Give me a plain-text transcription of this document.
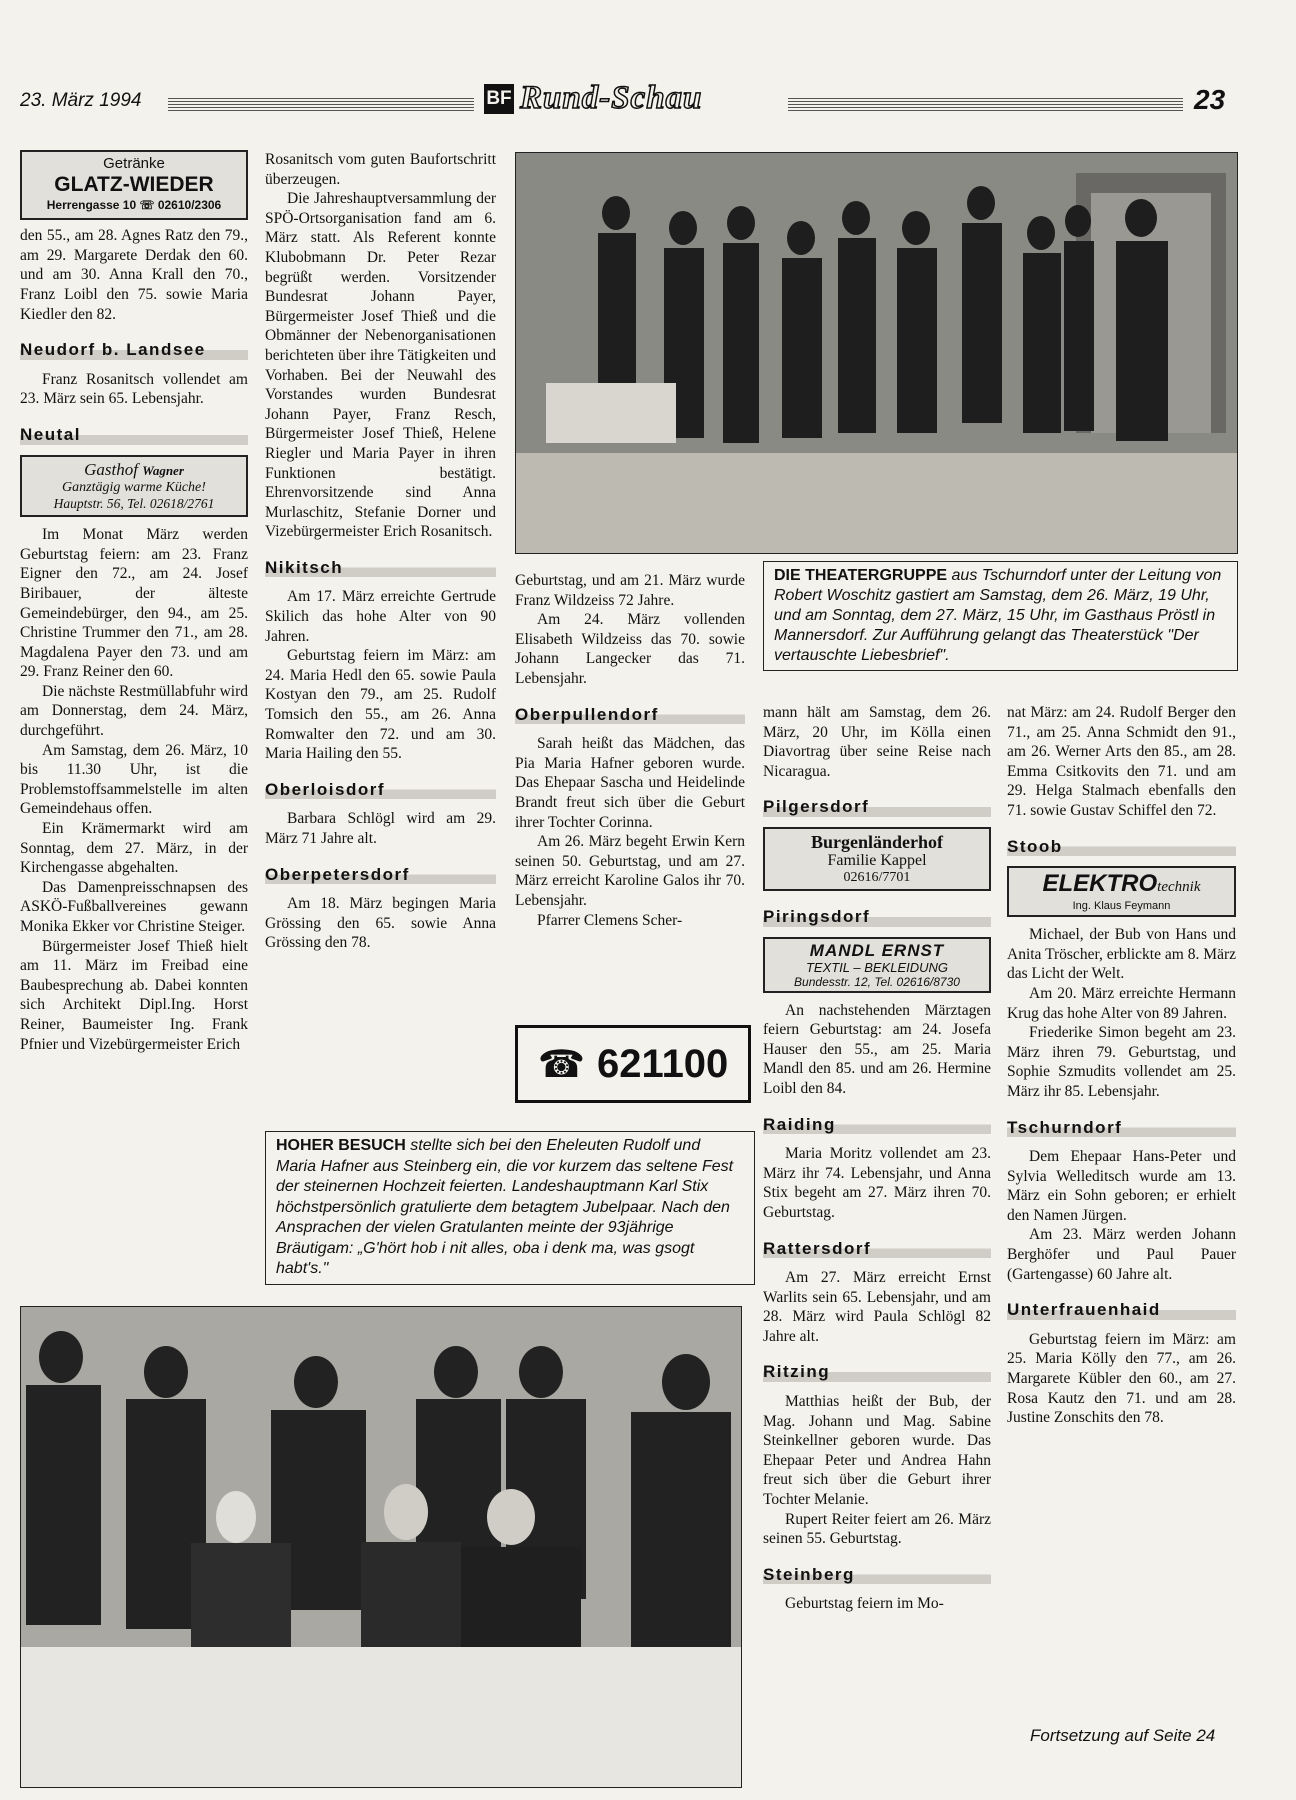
23. März 1994	BF Rund-Schau	23
Getränke
GLATZ-WIEDER
Herrengasse 10 ☏ 02610/2306

den 55., am 28. Agnes Ratz den 79., am 29. Margarete Derdak den 60. und am 30. Anna Krall den 70., Franz Loibl den 75. sowie Maria Kiedler den 82.

Neudorf b. Landsee

Franz Rosanitsch vollendet am 23. März sein 65. Lebensjahr.

Neutal
Gasthof Wagner
Ganztägig warme Küche!
Hauptstr. 56, Tel. 02618/2761

Im Monat März werden Geburtstag feiern: am 23. Franz Eigner den 72., am 24. Josef Biribauer, der älteste Gemeindebürger, den 94., am 25. Christine Trummer den 71., am 28. Magdalena Payer den 73. und am 29. Franz Reiner den 60.

Die nächste Restmüllabfuhr wird am Donnerstag, dem 24. März, durchgeführt.

Am Samstag, dem 26. März, 10 bis 11.30 Uhr, ist die Problemstoffsammelstelle im alten Gemeindehaus offen.

Ein Krämermarkt wird am Sonntag, dem 27. März, in der Kirchengasse abgehalten.

Das Damenpreisschnapsen des ASKÖ-Fußballvereines gewann Monika Ekker vor Christine Steiger.

Bürgermeister Josef Thieß hielt am 11. März im Freibad eine Baubesprechung ab. Dabei konnten sich Architekt Dipl.Ing. Horst Reiner, Baumeister Ing. Frank Pfnier und Vizebürgermeister Erich

Rosanitsch vom guten Baufortschritt überzeugen.

Die Jahreshauptversammlung der SPÖ-Ortsorganisation fand am 6. März statt. Als Referent konnte Klubobmann Dr. Peter Rezar begrüßt werden. Vorsitzender Bundesrat Johann Payer, Bürgermeister Josef Thieß und die Obmänner der Nebenorganisationen berichteten über ihre Tätigkeiten und Vorhaben. Bei der Neuwahl des Vorstandes wurden Bundesrat Johann Payer, Franz Resch, Bürgermeister Josef Thieß, Helene Riegler und Maria Payer in ihren Funktionen bestätigt. Ehrenvorsitzende sind Anna Murlaschitz, Stefanie Dorner und Vizebürgermeister Erich Rosanitsch.

Nikitsch

Am 17. März erreichte Gertrude Skilich das hohe Alter von 90 Jahren.

Geburtstag feiern im März: am 24. Maria Hedl den 65. sowie Paula Kostyan den 79., am 25. Rudolf Tomsich den 55., am 26. Anna Romwalter den 72. und am 30. Maria Hailing den 55.

Oberloisdorf

Barbara Schlögl wird am 29. März 71 Jahre alt.

Oberpetersdorf

Am 18. März begingen Maria Grössing den 65. sowie Anna Grössing den 78.

DIE THEATERGRUPPE aus Tschurndorf unter der Leitung von Robert Woschitz gastiert am Samstag, dem 26. März, 19 Uhr, und am Sonntag, dem 27. März, 15 Uhr, im Gasthaus Pröstl in Mannersdorf. Zur Aufführung gelangt das Theaterstück "Der vertauschte Liebesbrief".

Geburtstag, und am 21. März wurde Franz Wildzeiss 72 Jahre.

Am 24. März vollenden Elisabeth Wildzeiss das 70. sowie Johann Langecker das 71. Lebensjahr.

Oberpullendorf

Sarah heißt das Mädchen, das Pia Maria Hafner geboren wurde. Das Ehepaar Sascha und Heidelinde Brandt freut sich über die Geburt ihrer Tochter Corinna.

Am 26. März begeht Erwin Kern seinen 50. Geburtstag, und am 27. März erreicht Karoline Galos ihr 70. Lebensjahr.

Pfarrer Clemens Scher-

☎ 621100

mann hält am Samstag, dem 26. März, 20 Uhr, im Kölla einen Diavortrag über seine Reise nach Nicaragua.

Pilgersdorf
Burgenländerhof
Familie Kappel
02616/7701
Piringsdorf
MANDL ERNST
TEXTIL – BEKLEIDUNG
Bundesstr. 12, Tel. 02616/8730

An nachstehenden Märztagen feiern Geburtstag: am 24. Josefa Hauser den 55., am 25. Maria Mandl den 85. und am 26. Hermine Loibl den 84.

Raiding

Maria Moritz vollendet am 23. März ihr 74. Lebensjahr, und Anna Stix begeht am 27. März ihren 70. Geburtstag.

Rattersdorf

Am 27. März erreicht Ernst Warlits sein 65. Lebensjahr, und am 28. März wird Paula Schlögl 82 Jahre alt.

Ritzing

Matthias heißt der Bub, der Mag. Johann und Mag. Sabine Steinkellner geboren wurde. Das Ehepaar Peter und Andrea Hahn freut sich über die Geburt ihrer Tochter Melanie.

Rupert Reiter feiert am 26. März seinen 55. Geburtstag.

Steinberg

Geburtstag feiern im Mo-

nat März: am 24. Rudolf Berger den 71., am 25. Anna Schmidt den 91., am 26. Werner Arts den 85., am 28. Emma Csitkovits den 71. und am 29. Helga Stalmach ebenfalls den 71. sowie Gustav Schiffel den 72.

Stoob
ELEKTROtechnik
Ing. Klaus Feymann

Michael, der Bub von Hans und Anita Tröscher, erblickte am 8. März das Licht der Welt.

Am 20. März erreichte Hermann Krug das hohe Alter von 89 Jahren.

Friederike Simon begeht am 23. März ihren 79. Geburtstag, und Sophie Szmudits vollendet am 25. März ihr 85. Lebensjahr.

Tschurndorf

Dem Ehepaar Hans-Peter und Sylvia Welleditsch wurde am 13. März ein Sohn geboren; er erhielt den Namen Jürgen.

Am 23. März werden Johann Berghöfer und Paul Pauer (Gartengasse) 60 Jahre alt.

Unterfrauenhaid

Geburtstag feiern im März: am 25. Maria Kölly den 77., am 26. Margarete Kübler den 60., am 27. Rosa Kautz den 71. und am 28. Justine Zonschits den 78.

HOHER BESUCH stellte sich bei den Eheleuten Rudolf und Maria Hafner aus Steinberg ein, die vor kurzem das seltene Fest der steinernen Hochzeit feierten. Landeshauptmann Karl Stix höchstpersönlich gratulierte dem betagtem Jubelpaar. Nach den Ansprachen der vielen Gratulanten meinte der 93jährige Bräutigam: „G'hört hob i nit alles, oba i denk ma, was gsogt habt's."
Fortsetzung auf Seite 24
